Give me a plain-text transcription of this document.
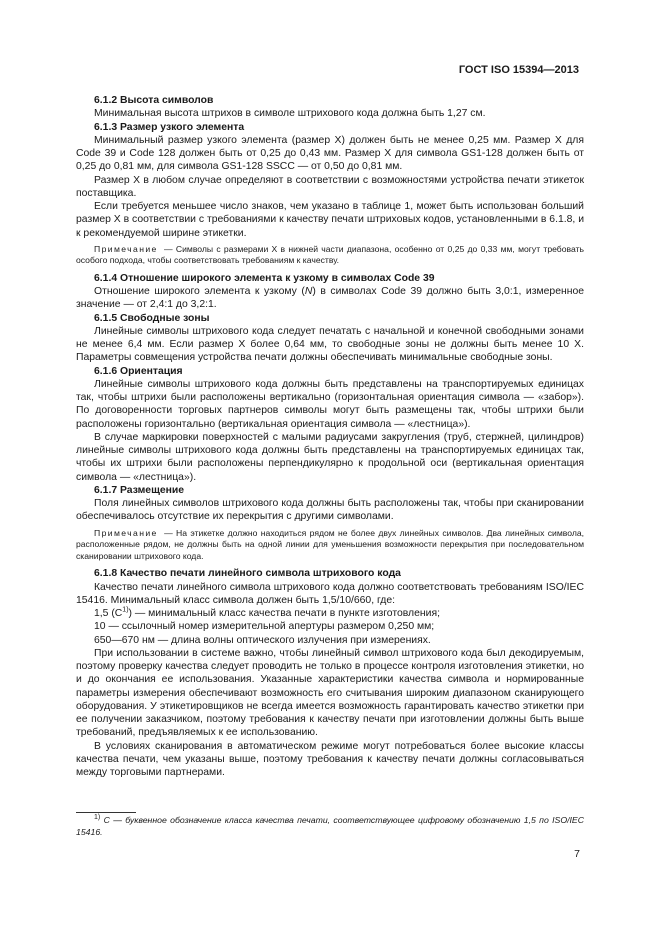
ГОСТ ISO 15394—2013

6.1.2 Высота символов

Минимальная высота штрихов в символе штрихового кода должна быть 1,27 см.

6.1.3 Размер узкого элемента

Минимальный размер узкого элемента (размер X) должен быть не менее 0,25 мм. Размер X для Code 39 и Code 128 должен быть от 0,25 до 0,43 мм. Размер X для символа GS1-128 должен быть от 0,25 до 0,81 мм, для символа GS1-128 SSCC — от 0,50 до 0,81 мм.

Размер X в любом случае определяют в соответствии с возможностями устройства печати этикеток поставщика.

Если требуется меньшее число знаков, чем указано в таблице 1, может быть использован больший размер X в соответствии с требованиями к качеству печати штриховых кодов, установленными в 6.1.8, и к рекомендуемой ширине этикетки.

Примечание — Символы с размерами X в нижней части диапазона, особенно от 0,25 до 0,33 мм, могут требовать особого подхода, чтобы соответствовать требованиям к качеству.

6.1.4 Отношение широкого элемента к узкому в символах Code 39

Отношение широкого элемента к узкому (N) в символах Code 39 должно быть 3,0:1, измеренное значение — от 2,4:1 до 3,2:1.

6.1.5 Свободные зоны

Линейные символы штрихового кода следует печатать с начальной и конечной свободными зонами не менее 6,4 мм. Если размер X более 0,64 мм, то свободные зоны не должны быть менее 10 X. Параметры совмещения устройства печати должны обеспечивать минимальные свободные зоны.

6.1.6 Ориентация

Линейные символы штрихового кода должны быть представлены на транспортируемых единицах так, чтобы штрихи были расположены вертикально (горизонтальная ориентация символа — «забор»). По договоренности торговых партнеров символы могут быть размещены так, чтобы штрихи были расположены горизонтально (вертикальная ориентация символа — «лестница»).

В случае маркировки поверхностей с малыми радиусами закругления (труб, стержней, цилиндров) линейные символы штрихового кода должны быть представлены на транспортируемых единицах так, чтобы их штрихи были расположены перпендикулярно к продольной оси (вертикальная ориентация символа — «лестница»).

6.1.7 Размещение

Поля линейных символов штрихового кода должны быть расположены так, чтобы при сканировании обеспечивалось отсутствие их перекрытия с другими символами.

Примечание — На этикетке должно находиться рядом не более двух линейных символов. Два линейных символа, расположенные рядом, не должны быть на одной линии для уменьшения возможности перекрытия при последовательном сканировании штрихового кода.

6.1.8 Качество печати линейного символа штрихового кода

Качество печати линейного символа штрихового кода должно соответствовать требованиям ISO/IEC 15416. Минимальный класс символа должен быть 1,5/10/660, где:

1,5 $(С^{1)})$ — минимальный класс качества печати в пункте изготовления;

10 — ссылочный номер измерительной апертуры размером 0,250 мм;

650—670 нм — длина волны оптического излучения при измерениях.

При использовании в системе важно, чтобы линейный символ штрихового кода был декодируемым, поэтому проверку качества следует проводить не только в процессе контроля изготовления этикетки, но и до окончания ее использования. Указанные характеристики качества символа и нормированные параметры измерения обеспечивают возможность его считывания широким диапазоном сканирующего оборудования. У этикетировщиков не всегда имеется возможность гарантировать качество этикетки при ее получении заказчиком, поэтому требования к качеству печати при изготовлении должны быть выше требований, предъявляемых к ее использованию.

В условиях сканирования в автоматическом режиме могут потребоваться более высокие классы качества печати, чем указаны выше, поэтому требования к качеству печати должны согласовываться между торговыми партнерами.

$^{1)}$ С — буквенное обозначение класса качества печати, соответствующее цифровому обозначению 1,5 по ISO/IEC 15416.
7
